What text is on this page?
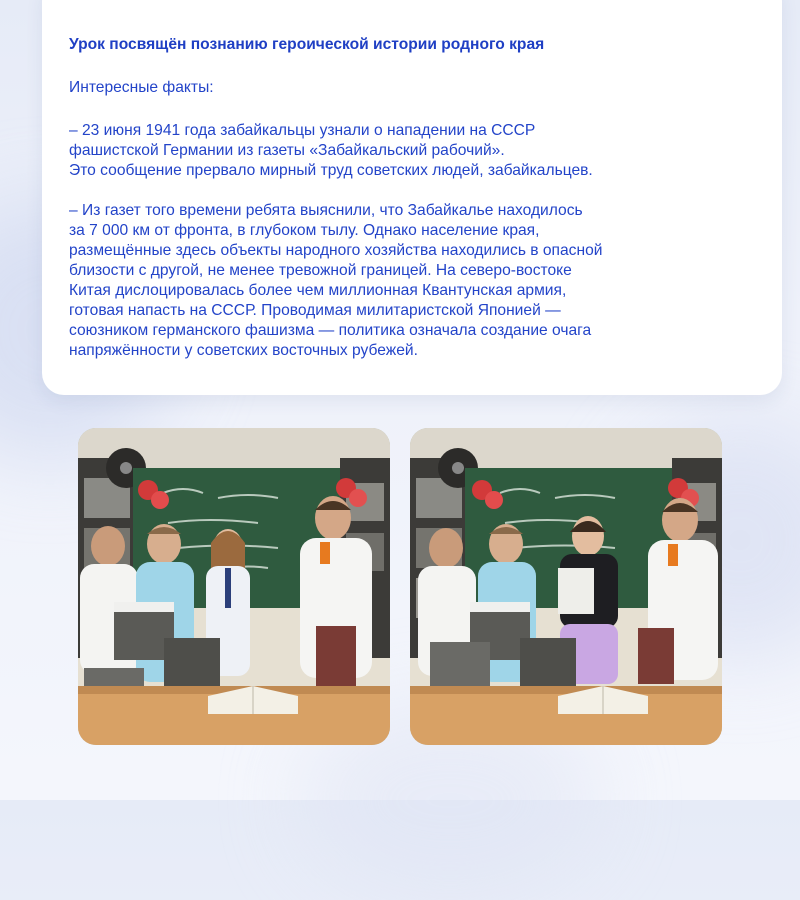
Урок посвящён познанию героической истории родного края
Интересные факты:
– 23 июня 1941 года забайкальцы узнали о нападении на СССР
фашистской Германии из газеты «Забайкальский рабочий».
Это сообщение прервало мирный труд советских людей, забайкальцев.
– Из газет того времени ребята выяснили, что Забайкалье находилось
за 7 000 км от фронта, в глубоком тылу. Однако население края,
размещённые здесь объекты народного хозяйства находились в опасной
близости с другой, не менее тревожной границей. На северо-востоке
Китая дислоцировалась более чем миллионная Квантунская армия,
готовая напасть на СССР. Проводимая милитаристской Японией —
союзником германского фашизма — политика означала создание очага
напряжённости у советских восточных рубежей.
